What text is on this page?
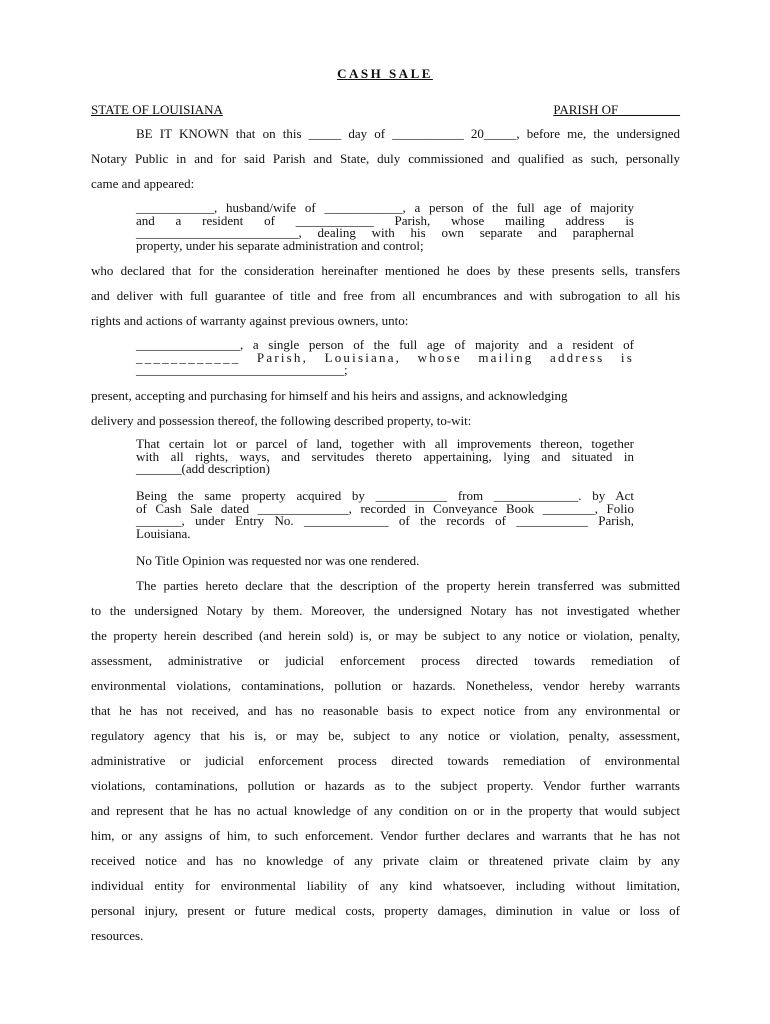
CASH SALE
STATE OF LOUISIANA	PARISH OF _________
BE IT KNOWN that on this _____ day of ___________ 20_____, before me, the undersigned
Notary Public in and for said Parish and State, duly commissioned and qualified as such, personally
came and appeared:
____________, husband/wife of ____________, a person of the full age of majority
and a resident of ____________ Parish, whose mailing address is
_________________________, dealing with his own separate and paraphernal
property, under his separate administration and control;
who declared that for the consideration hereinafter mentioned he does by these presents sells, transfers
and deliver with full guarantee of title and free from all encumbrances and with subrogation to all his
rights and actions of warranty against previous owners, unto:
________________, a single person of the full age of majority and a resident of
____________ Parish, Louisiana, whose mailing address is
________________________________;
present, accepting and purchasing for himself and his heirs and assigns, and acknowledging
delivery and possession thereof, the following described property, to-wit:
That certain lot or parcel of land, together with all improvements thereon, together
with all rights, ways, and servitudes thereto appertaining, lying and situated in
_______(add description)
Being the same property acquired by ___________ from _____________. by Act
of Cash Sale dated ______________, recorded in Conveyance Book ________, Folio
_______, under Entry No. _____________ of the records of ___________ Parish,
Louisiana.
No Title Opinion was requested nor was one rendered.
The parties hereto declare that the description of the property herein transferred was submitted
to the undersigned Notary by them. Moreover, the undersigned Notary has not investigated whether
the property herein described (and herein sold) is, or may be subject to any notice or violation, penalty,
assessment, administrative or judicial enforcement process directed towards remediation of
environmental violations, contaminations, pollution or hazards. Nonetheless, vendor hereby warrants
that he has not received, and has no reasonable basis to expect notice from any environmental or
regulatory agency that his is, or may be, subject to any notice or violation, penalty, assessment,
administrative or judicial enforcement process directed towards remediation of environmental
violations, contaminations, pollution or hazards as to the subject property. Vendor further warrants
and represent that he has no actual knowledge of any condition on or in the property that would subject
him, or any assigns of him, to such enforcement. Vendor further declares and warrants that he has not
received notice and has no knowledge of any private claim or threatened private claim by any
individual entity for environmental liability of any kind whatsoever, including without limitation,
personal injury, present or future medical costs, property damages, diminution in value or loss of
resources.
